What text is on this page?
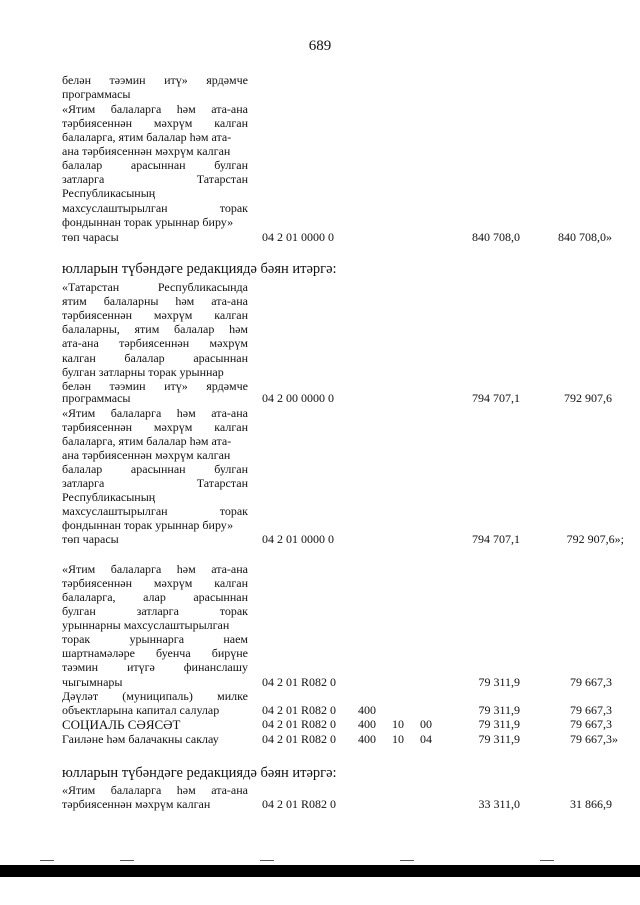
689
белән тәэмин итү» ярдәмче
программасы
«Ятим балаларга һәм ата-ана
тәрбиясеннән мәхрүм калган
балаларга, ятим балалар һәм ата-
ана тәрбиясеннән мәхрүм калган
балалар арасыннан булган
затларга Татарстан
Республикасының
махсуслаштырылган торак
фондыннан торак урыннар биру»
төп чарасы	04 2 01 0000 0	840 708,0	840 708,0»
юлларын түбәндәге редакциядә бәян итәргә:
«Татарстан Республикасында
ятим балаларны һәм ата-ана
тәрбиясеннән мәхрүм калган
балаларны, ятим балалар һәм
ата-ана тәрбиясеннән мәхрүм
калган балалар арасыннан
булган затларны торак урыннар
белән тәэмин итү» ярдәмче
программасы	04 2 00 0000 0	794 707,1	792 907,6
«Ятим балаларга һәм ата-ана
тәрбиясеннән мәхрүм калган
балаларга, ятим балалар һәм ата-
ана тәрбиясеннән мәхрүм калган
балалар арасыннан булган
затларга Татарстан
Республикасының
махсуслаштырылган торак
фондыннан торак урыннар биру»
төп чарасы	04 2 01 0000 0	794 707,1	792 907,6»;
«Ятим балаларга һәм ата-ана
тәрбиясеннән мәхрүм калган
балаларга, алар арасыннан
булган затларга торак
урыннарны махсуслаштырылган
торак урыннарга наем
шартнамәләре буенча бирүне
тәэмин итүгә финанслашу
чыгымнары	04 2 01 R082 0	79 311,9	79 667,3
Дәүләт (муниципаль) милке
объектларына капитал салулар	04 2 01 R082 0 400	79 311,9	79 667,3
СОЦИАЛЬ СӘЯСӘТ	04 2 01 R082 0 400 10 00	79 311,9	79 667,3
Гаиләне һәм балачакны саклау	04 2 01 R082 0 400 10 04	79 311,9	79 667,3»
юлларын түбәндәге редакциядә бәян итәргә:
«Ятим балаларга һәм ата-ана
тәрбиясеннән мәхрүм калган	04 2 01 R082 0	33 311,0	31 866,9
